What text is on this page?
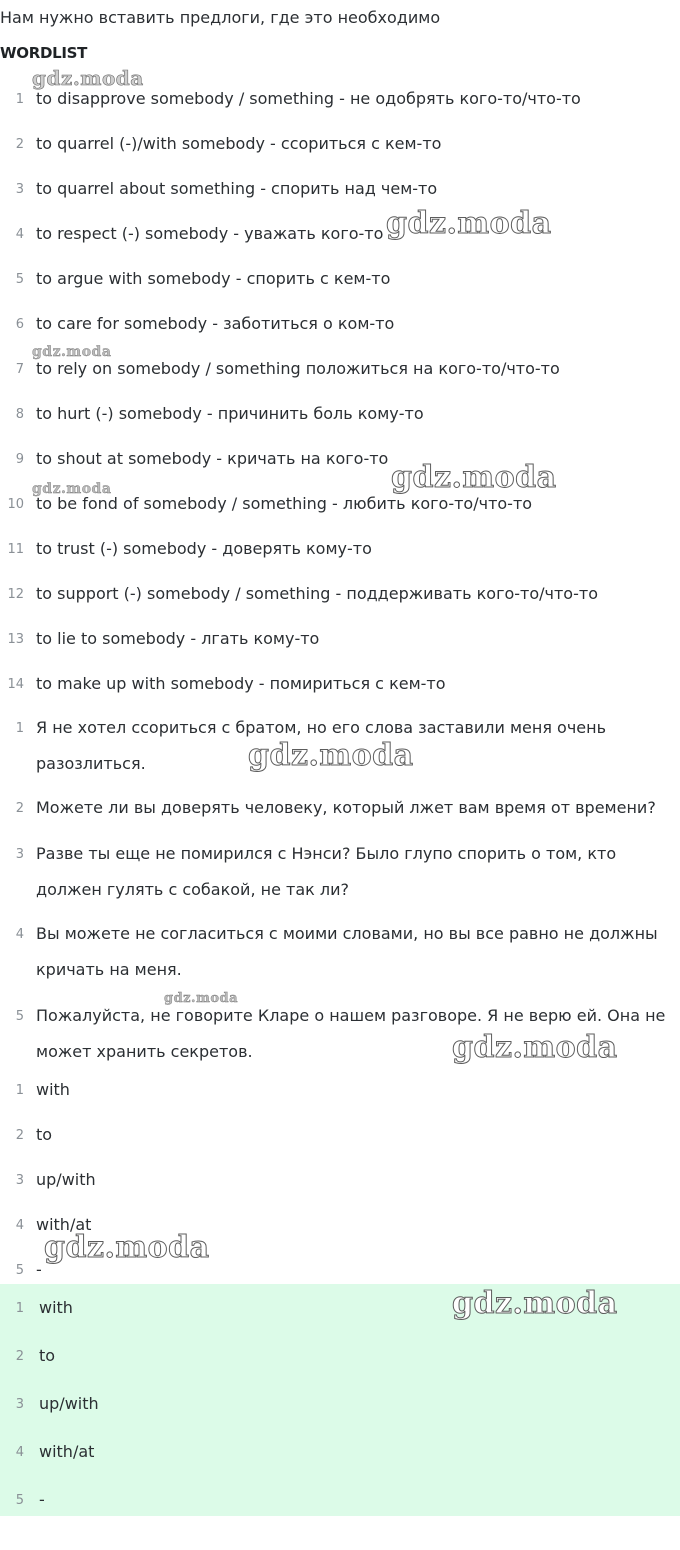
Нам нужно вставить предлоги, где это необходимо
WORDLIST
1 to disapprove somebody / something - не одобрять кого-то/что-то
2 to quarrel (-)/with somebody - ссориться с кем-то
3 to quarrel about something - спорить над чем-то
4 to respect (-) somebody - уважать кого-то
5 to argue with somebody - спорить с кем-то
6 to care for somebody - заботиться о ком-то
7 to rely on somebody / something положиться на кого-то/что-то
8 to hurt (-) somebody - причинить боль кому-то
9 to shout at somebody - кричать на кого-то
10 to be fond of somebody / something - любить кого-то/что-то
11 to trust (-) somebody - доверять кому-то
12 to support (-) somebody / something - поддерживать кого-то/что-то
13 to lie to somebody - лгать кому-то
14 to make up with somebody - помириться с кем-то
1 Я не хотел ссориться с братом, но его слова заставили меня очень разозлиться.
2 Можете ли вы доверять человеку, который лжет вам время от времени?
3 Разве ты еще не помирился с Нэнси? Было глупо спорить о том, кто должен гулять с собакой, не так ли?
4 Вы можете не согласиться с моими словами, но вы все равно не должны кричать на меня.
5 Пожалуйста, не говорите Кларе о нашем разговоре. Я не верю ей. Она не может хранить секретов.
1 with
2 to
3 up/with
4 with/at
5 -
1 with
2 to
3 up/with
4 with/at
5 -
gdz.moda
gdz.moda
gdz.moda
gdz.moda
gdz.moda
gdz.moda
gdz.moda
gdz.moda
gdz.moda
gdz.moda
